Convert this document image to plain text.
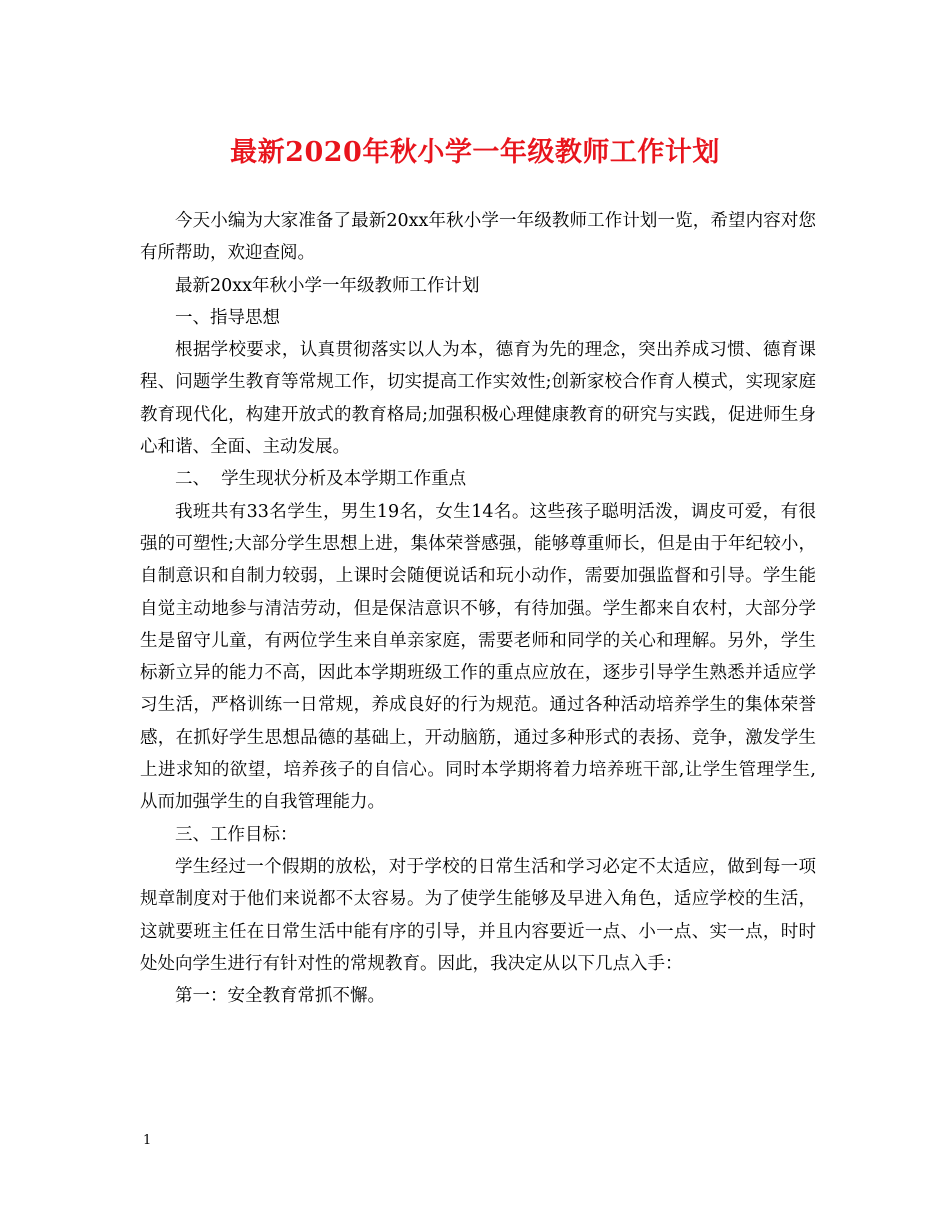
最新2020年秋小学一年级教师工作计划

今天小编为大家准备了最新20xx年秋小学一年级教师工作计划一览，希望内容对您有所帮助，欢迎查阅。

最新20xx年秋小学一年级教师工作计划

一、指导思想

根据学校要求，认真贯彻落实以人为本，德育为先的理念，突出养成习惯、德育课程、问题学生教育等常规工作，切实提高工作实效性;创新家校合作育人模式，实现家庭教育现代化，构建开放式的教育格局;加强积极心理健康教育的研究与实践，促进师生身心和谐、全面、主动发展。

二、  学生现状分析及本学期工作重点

我班共有33名学生，男生19名，女生14名。这些孩子聪明活泼，调皮可爱，有很强的可塑性;大部分学生思想上进，集体荣誉感强，能够尊重师长，但是由于年纪较小，自制意识和自制力较弱，上课时会随便说话和玩小动作，需要加强监督和引导。学生能自觉主动地参与清洁劳动，但是保洁意识不够，有待加强。学生都来自农村，大部分学生是留守儿童，有两位学生来自单亲家庭，需要老师和同学的关心和理解。另外，学生标新立异的能力不高，因此本学期班级工作的重点应放在，逐步引导学生熟悉并适应学习生活，严格训练一日常规，养成良好的行为规范。通过各种活动培养学生的集体荣誉感，在抓好学生思想品德的基础上，开动脑筋，通过多种形式的表扬、竞争，激发学生上进求知的欲望，培养孩子的自信心。同时本学期将着力培养班干部,让学生管理学生,从而加强学生的自我管理能力。

三、工作目标：

学生经过一个假期的放松，对于学校的日常生活和学习必定不太适应，做到每一项规章制度对于他们来说都不太容易。为了使学生能够及早进入角色，适应学校的生活，这就要班主任在日常生活中能有序的引导，并且内容要近一点、小一点、实一点，时时处处向学生进行有针对性的常规教育。因此，我决定从以下几点入手：

第一：安全教育常抓不懈。

1
